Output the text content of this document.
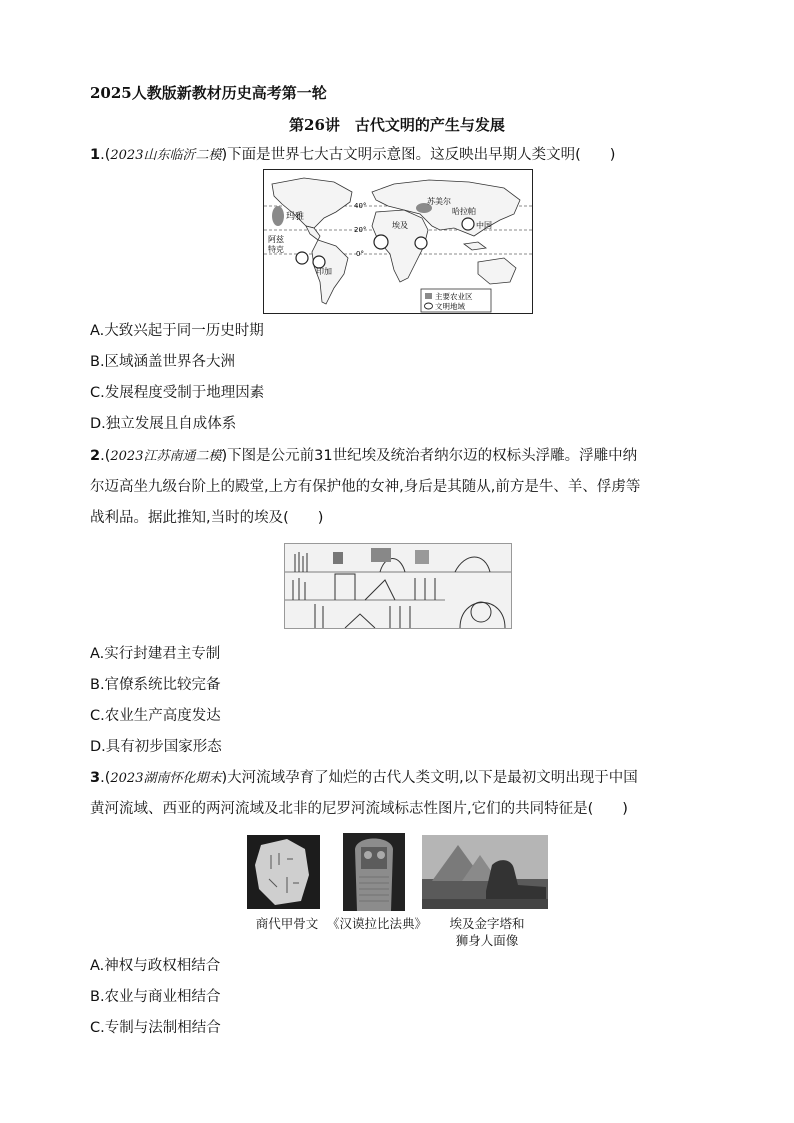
2025人教版新教材历史高考第一轮
第26讲　古代文明的产生与发展
1.(2023山东临沂二模)下面是世界七大古文明示意图。这反映出早期人类文明(　　)
玛雅
阿兹
特克
印加
埃及
苏美尔
哈拉帕
中国
40°
20°
0°
主要农业区
文明地域
A.大致兴起于同一历史时期
B.区域涵盖世界各大洲
C.发展程度受制于地理因素
D.独立发展且自成体系
2.(2023江苏南通二模)下图是公元前31世纪埃及统治者纳尔迈的权标头浮雕。浮雕中纳
尔迈高坐九级台阶上的殿堂,上方有保护他的女神,身后是其随从,前方是牛、羊、俘虏等
战利品。据此推知,当时的埃及(　　)
A.实行封建君主专制
B.官僚系统比较完备
C.农业生产高度发达
D.具有初步国家形态
3.(2023湖南怀化期末)大河流域孕育了灿烂的古代人类文明,以下是最初文明出现于中国
黄河流域、西亚的两河流域及北非的尼罗河流域标志性图片,它们的共同特征是(　　)
商代甲骨文 《汉谟拉比法典》	埃及金字塔和
狮身人面像
A.神权与政权相结合
B.农业与商业相结合
C.专制与法制相结合
